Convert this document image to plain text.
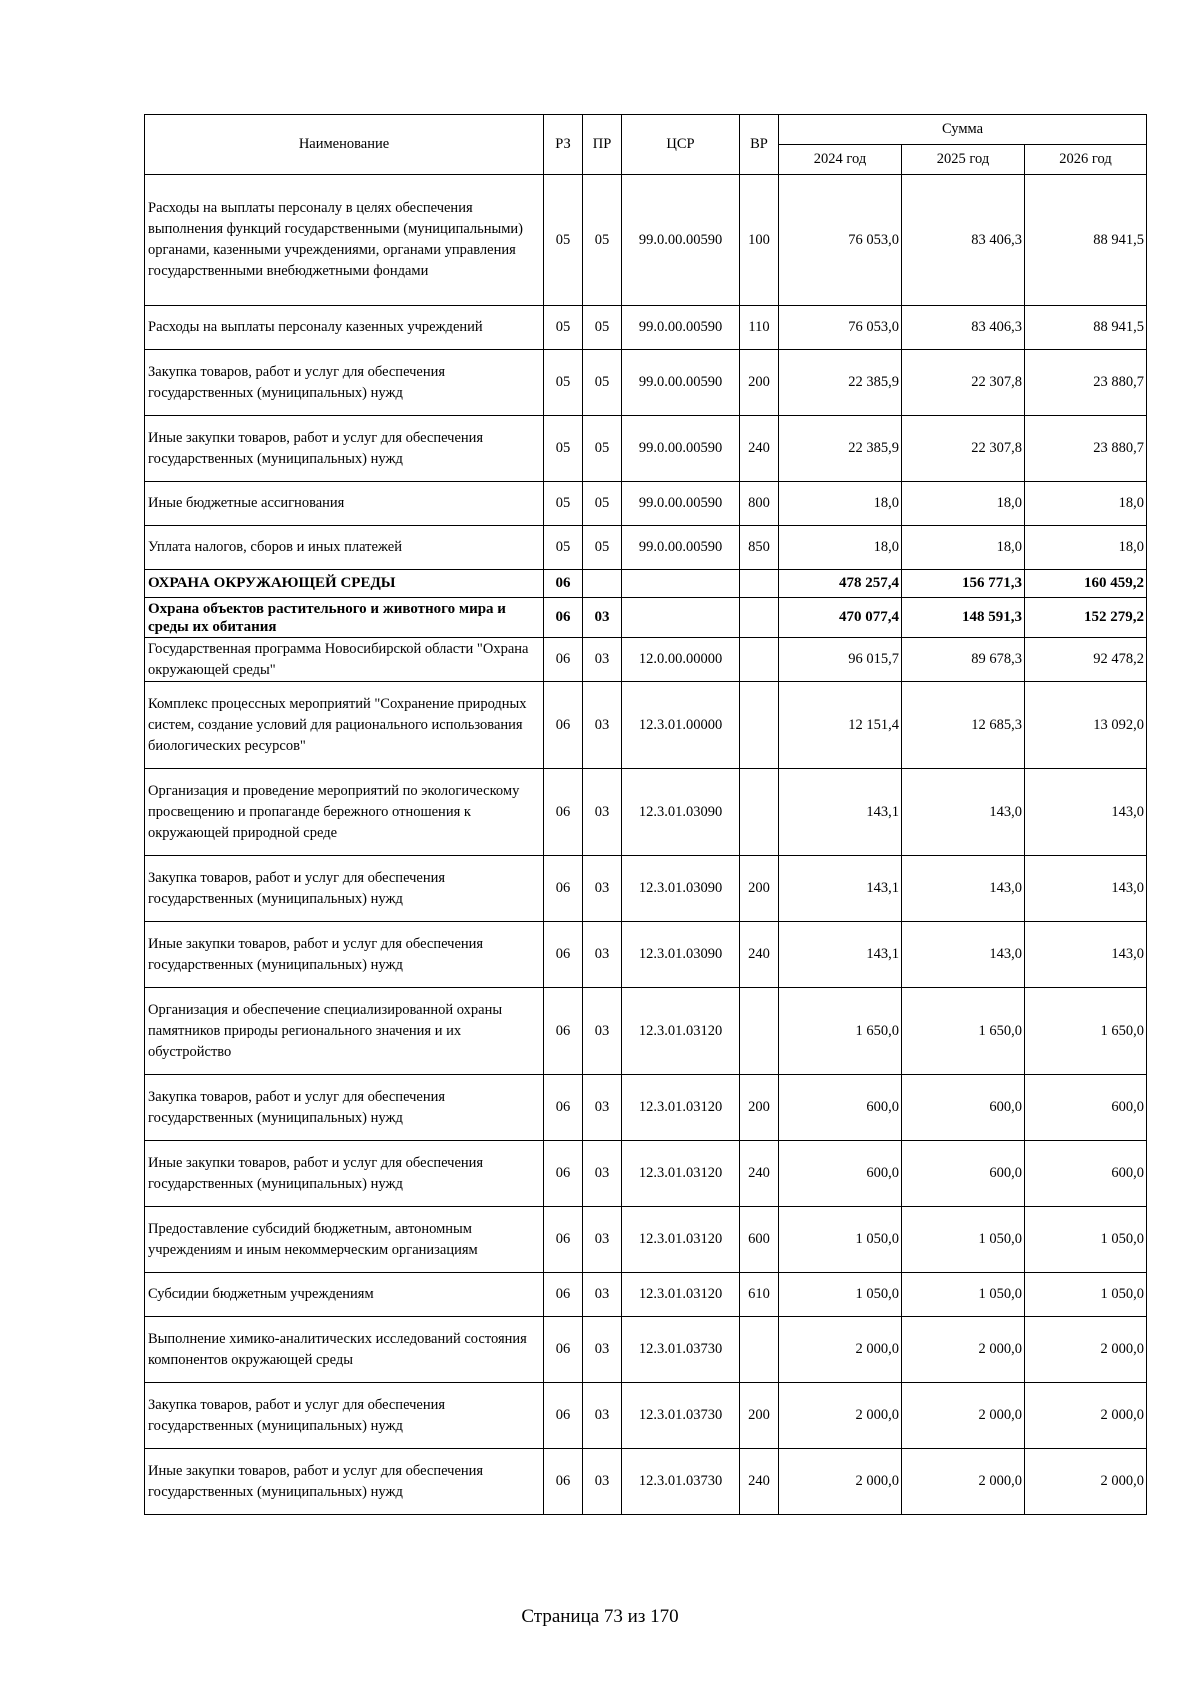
Наименование	РЗ	ПР	ЦСР	ВР	Сумма		
					2024 год	2025 год	2026 год
Расходы на выплаты персоналу в целях обеспечения выполнения функций государственными (муниципальными) органами, казенными учреждениями, органами управления государственными внебюджетными фондами	05	05	99.0.00.00590	100	76 053,0	83 406,3	88 941,5
Расходы на выплаты персоналу казенных учреждений	05	05	99.0.00.00590	110	76 053,0	83 406,3	88 941,5
Закупка товаров, работ и услуг для обеспечения государственных (муниципальных) нужд	05	05	99.0.00.00590	200	22 385,9	22 307,8	23 880,7
Иные закупки товаров, работ и услуг для обеспечения государственных (муниципальных) нужд	05	05	99.0.00.00590	240	22 385,9	22 307,8	23 880,7
Иные бюджетные ассигнования	05	05	99.0.00.00590	800	18,0	18,0	18,0
Уплата налогов, сборов и иных платежей	05	05	99.0.00.00590	850	18,0	18,0	18,0
ОХРАНА ОКРУЖАЮЩЕЙ СРЕДЫ	06				478 257,4	156 771,3	160 459,2
Охрана объектов растительного и животного мира и среды их обитания	06	03			470 077,4	148 591,3	152 279,2
Государственная программа Новосибирской области "Охрана окружающей среды"	06	03	12.0.00.00000		96 015,7	89 678,3	92 478,2
Комплекс процессных мероприятий "Сохранение природных систем, создание условий для рационального использования биологических ресурсов"	06	03	12.3.01.00000		12 151,4	12 685,3	13 092,0
Организация и проведение мероприятий по экологическому просвещению и пропаганде бережного отношения к окружающей природной среде	06	03	12.3.01.03090		143,1	143,0	143,0
Закупка товаров, работ и услуг для обеспечения государственных (муниципальных) нужд	06	03	12.3.01.03090	200	143,1	143,0	143,0
Иные закупки товаров, работ и услуг для обеспечения государственных (муниципальных) нужд	06	03	12.3.01.03090	240	143,1	143,0	143,0
Организация и обеспечение специализированной охраны памятников природы регионального значения и их обустройство	06	03	12.3.01.03120		1 650,0	1 650,0	1 650,0
Закупка товаров, работ и услуг для обеспечения государственных (муниципальных) нужд	06	03	12.3.01.03120	200	600,0	600,0	600,0
Иные закупки товаров, работ и услуг для обеспечения государственных (муниципальных) нужд	06	03	12.3.01.03120	240	600,0	600,0	600,0
Предоставление субсидий бюджетным, автономным учреждениям и иным некоммерческим организациям	06	03	12.3.01.03120	600	1 050,0	1 050,0	1 050,0
Субсидии бюджетным учреждениям	06	03	12.3.01.03120	610	1 050,0	1 050,0	1 050,0
Выполнение химико-аналитических исследований состояния компонентов окружающей среды	06	03	12.3.01.03730		2 000,0	2 000,0	2 000,0
Закупка товаров, работ и услуг для обеспечения государственных (муниципальных) нужд	06	03	12.3.01.03730	200	2 000,0	2 000,0	2 000,0
Иные закупки товаров, работ и услуг для обеспечения государственных (муниципальных) нужд	06	03	12.3.01.03730	240	2 000,0	2 000,0	2 000,0
Страница 73 из 170
